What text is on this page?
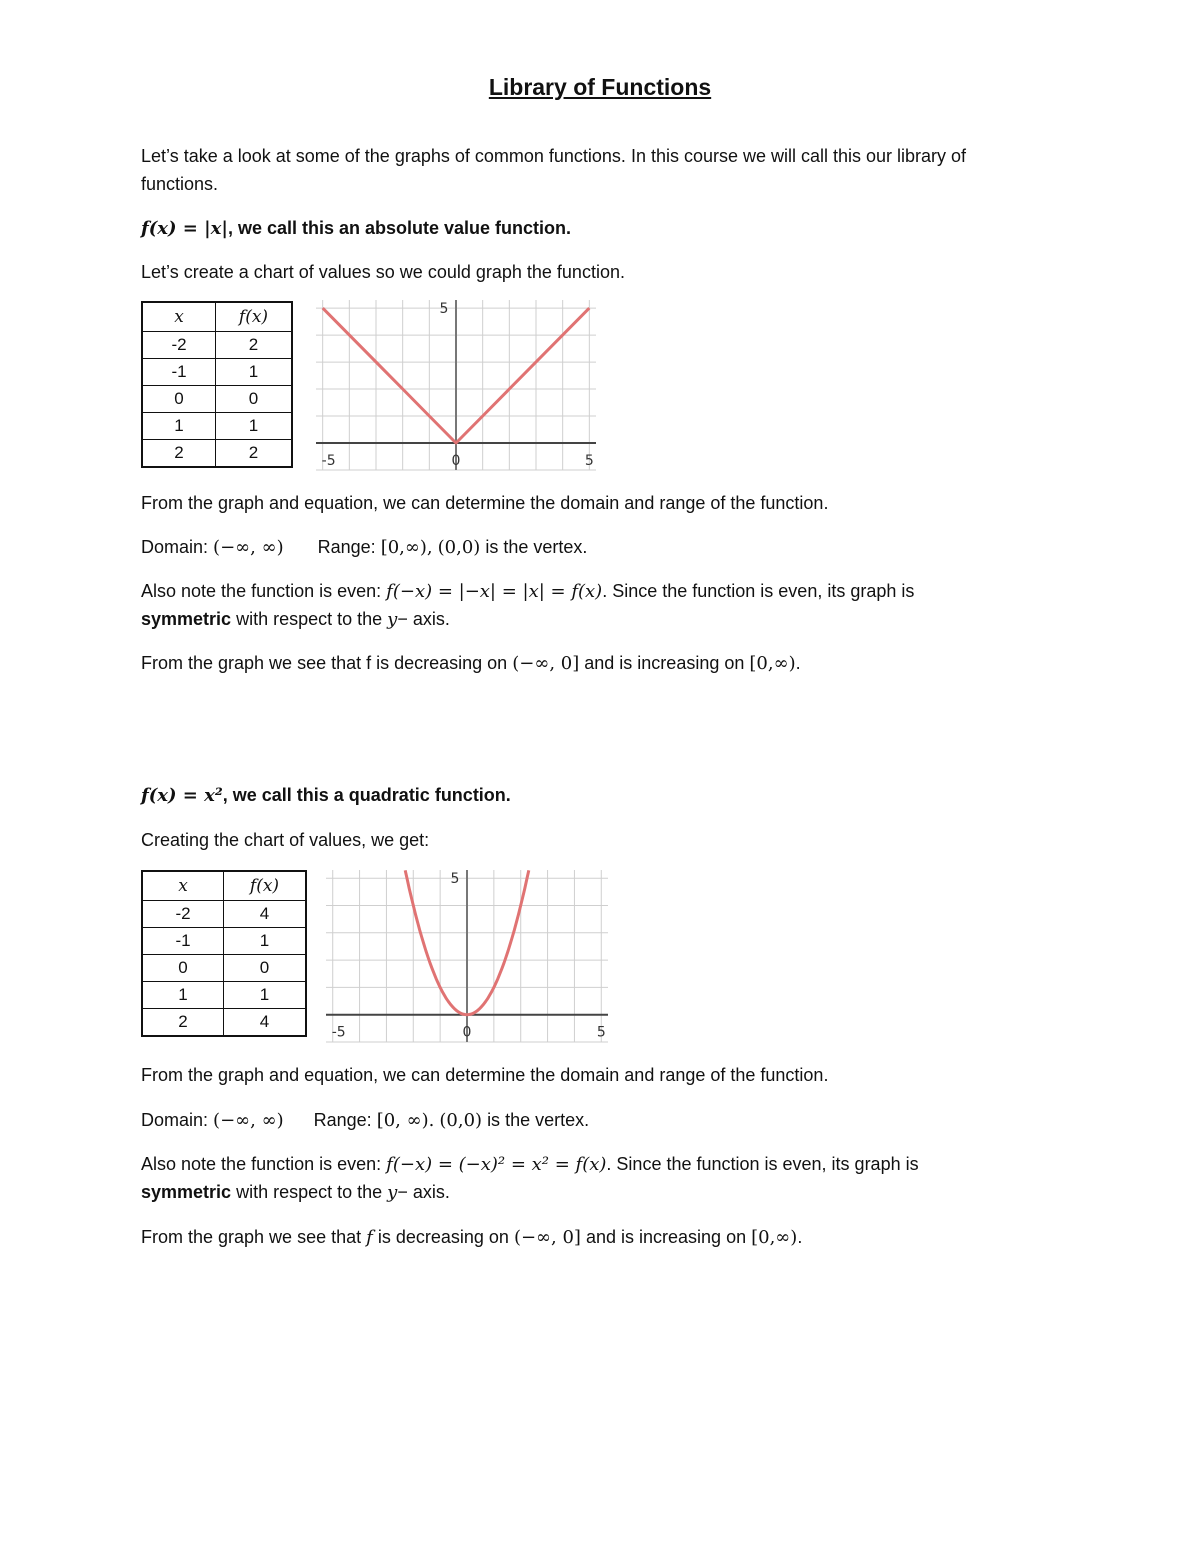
Library of Functions
Let’s take a look at some of the graphs of common functions. In this course we will call this our library of
functions.
f(x) = |x|, we call this an absolute value function.
Let’s create a chart of values so we could graph the function.
x	f(x)
-2	2
-1	1
0	0
1	1
2	2	-5	0	5
5
From the graph and equation, we can determine the domain and range of the function.
Domain: (−∞, ∞) Range: [0,∞), (0,0) is the vertex.
Also note the function is even: f(−x) = |−x| = |x| = f(x). Since the function is even, its graph is
symmetric with respect to the y− axis.
From the graph we see that f is decreasing on (−∞, 0] and is increasing on [0,∞).
f(x) = x², we call this a quadratic function.
Creating the chart of values, we get:
x	f(x)
-2	4
-1	1
0	0
1	1
2	4
-5	0	5
5
From the graph and equation, we can determine the domain and range of the function.
Domain: (−∞, ∞) Range: [0, ∞). (0,0) is the vertex.
Also note the function is even: f(−x) = (−x)² = x² = f(x). Since the function is even, its graph is
symmetric with respect to the y− axis.
From the graph we see that f is decreasing on (−∞, 0] and is increasing on [0,∞).
